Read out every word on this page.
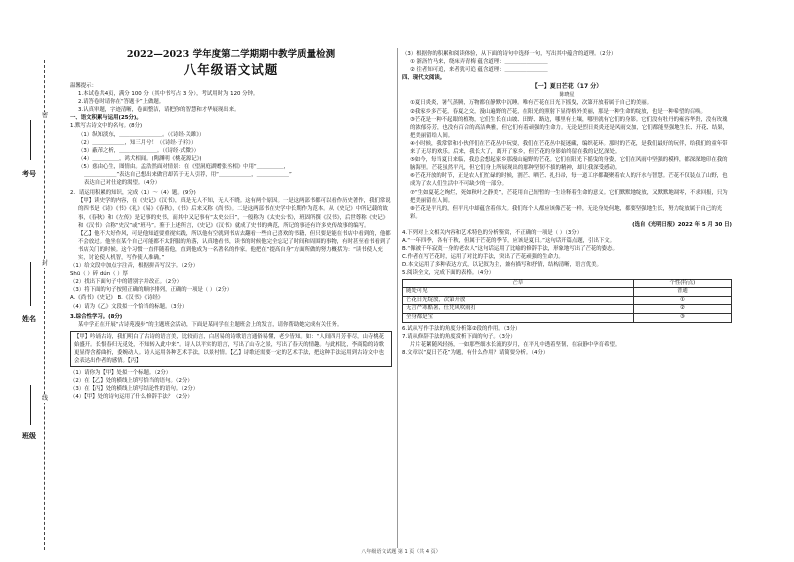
考号
姓名
班级
密
封
线
2022—2023 学年度第二学期期中教学质量检测
八年级语文试题
温馨提示：
1.本试卷共4页，满分 100 分（其中书写占 3 分），考试用时为 120 分钟。
2.请答卷时请你在“答题卡”上做题。
3.认真审题，字迹清晰，卷面整洁，请把你的智慧和才华展现出来。
一、语文积累与运用(25分)。
1.默写古诗文中的名句。(8分)
（1）纵知淡东，＿＿＿＿＿＿＿＿。（《诗经·关雎》）
（2）＿＿＿＿＿＿，知三月兮！（《诗经·子衿》）
（3）蔽芾之析，＿＿＿＿＿＿＿。（《诗经·式微》）
（4）＿＿＿＿＿，鸿犬相闻。(陶渊明《桃花源记》)
（5）慈由心生，图情由。孟浩然面对情景：在《望洞庭湖赠张丞相》中用“＿＿＿＿＿，
＿＿＿＿＿＿”表达自己想出来做官却苦于无人引荐，用“＿＿＿＿＿＿，＿＿＿＿＿＿”
表达自己对仕途的渴望。（4分）
2．请运用积累的知识，完成（1）～（4）题。(9分)
【甲】读史学的内容，在《史记》《汉书》，真是无人不知，无人不晓。这有两个原因。一是这两部书都可以看作历史著作，我们常说的四书是《诗》《书》《礼》《易》《春秋》，《书》后来又称《尚书》。二是这两部书在史学中长期作为范本。从《史记》中所记载的故事，《春秋》和《左传》是记事的史书，而其中又记事有“太史公曰”，一般称为《太史公书》，班固所撰《汉书》，后世尊称《史记》和《汉书》合称“史汉”或“班马”。鉴于上述所言，《史记》《汉书》就成了史书的典范，所记的事还有许多史传故事的编写。
【乙】他不大好作风，可是他知道要重视实践，所以他有空就到书店去翻看一些自己喜欢的书籍，但只要是能在书店中看到的，他都不会放过。他坐在某个自己可能都不太舒服的角落，认真地看书，读书的时候他完全忘记了时间和周围的事物，有时甚至看书看到了书店关门的时候。这个习惯一直伴随着他，直到他成为一名著名的作家。他把在“提高自身”方面所做的努力概括为：“读书使人充实，讨论使人机智，写作使人准确。”
（1）给文段中加点字注音，根据拼音写汉字。（2分）
Shū（ ）碎 dún（ ）厚
（2）找出下面句子中的错别字并改正。（2分）
（3）将下面的句子按照正确的顺序排列，正确的一项是（ ）（2分）
A.《尚书》《史记》 B.《汉书》《诗经》
（4）请为《乙》文段拟一个恰当的标题。（3分）
3.综合性学习。(8分)
某中学正在开展“古诗苑漫步”的主题班会活动，下面是某同学在主题班会上的发言，请你帮助她完成有关任务。
【甲】吟诵古诗，我们明白了古诗的语言美，比较而言，白居易的诗歌语言通俗易懂，老少皆知。如：“人间四月芳菲尽，山寺桃花始盛开。长恨春归无觅处，不知转入此中来”。诗人以平实的语言，写出了山寺之景，写出了春天的情趣。与此相比，李商隐的诗歌更显得含蓄曲折，委婉动人。诗人运用各种艺术手法，以景衬情。【乙】诗歌还需要一定的艺术手法，把这种手法运用到古诗文中也会表达出作者的感情。【丙】
（1）请你为【甲】处拟一个标题。（2分）
（2）在【乙】处的横线上填写恰当的语句。（2分）
（3）在【丙】处的横线上填写结论性的语句。（2分）
（4）【甲】处的诗句运用了什么修辞手法？（2分）
（3）根据你的积累和阅读体验，从下面的诗句中选择一句，写出其中蕴含的道理。（2分）
① 浙沥竹马来，绕床弄青梅 蕴含道理：＿＿＿＿＿＿＿＿
② 往者知可追，来者犹可追 蕴含道理：＿＿＿＿＿＿＿＿
四、现代文阅读。
【一】夏日芒花（17 分）
陈晓星
①夏日炎炎，暑气蒸腾，万物都在静默中沉睡。唯有芒花在日光下摇曳，次第开放着属于自己的美丽。
②我家乡多芒花，春夏之交，漫山遍野的芒花，在阳光的照射下显得格外美丽，那是一种生命的绽放，也是一种希望的召唤。
③芒花是一种不起眼的植物，它们生长在山坡、田野、路边，哪里有土壤，哪里就有它们的身影。它们没有牡丹的雍容华贵，没有玫瑰的浓郁芬芳，也没有百合的高洁典雅，但它们有着顽强的生命力。无论是烈日炎炎还是风雨交加，它们都能坚强地生长、开花、结果，把美丽留给人间。
④小时候，我常常和小伙伴们在芒花丛中玩耍，我们在芒花丛中捉迷藏，编织花环。那时的芒花，是我们最好的玩伴，给我们的童年带来了无尽的欢乐。后来，我长大了，离开了家乡，但芒花的身影始终留在我的记忆深处。
⑤如今，每当夏日来临，我总会想起家乡那漫山遍野的芒花。它们在阳光下摇曳的身姿，它们在风雨中坚强的模样，都深深地印在我的脑海里。芒花虽然平凡，但它们身上所展现出的那种坚韧不拔的精神，却让我深受感动。
⑥芒花开放的时节，正是农人们忙碌的时候，割芒、晒芒、扎扫帚，每一道工序都凝聚着农人的汗水与智慧。芒花不仅装点了山野，也成为了农人们生活中不可缺少的一部分。
⑦“生如夏花之绚烂，死如秋叶之静美”，芒花用自己短暂的一生诠释着生命的意义。它们默默地绽放，又默默地凋零，不求回报，只为把美丽留在人间。
⑧芒花是平凡的，但平凡中却蕴含着伟大。我们每个人都应该像芒花一样，无论身处何地，都要坚强地生长，努力绽放属于自己的光彩。
(选自《光明日报》2022 年 5 月 30 日)
4.下列对上文相关内容和艺术特色的分析鉴赏，不正确的一项是（ ）（3分）
A.“一年四季，各有千秋，但属于芒花的季节，应该是夏日。”这句话开篇点题，引出下文。
B.“像被千年寂寞一身的老农人”这句话运用了比喻的修辞手法，形象地写出了芒花的姿态。
C.作者在写芒花时，运用了对比的手法，突出了芒花顽强的生命力。
D.本文运用了多种表达方式，以记叙为主，兼有描写和抒情，结构清晰，语言优美。
5.阅读全文，完成下面的表格。（4分）
芒草	个性(特点)
随处可见	普通
芒花日光绽放，次第开放	①
无言严寒酷暑，任凭风吹雨打	②
全身都是宝	③
6.试从写作手法的角度分析第②段的作用。（3分）
7.请从修辞手法的角度赏析下面的句子。（3分）
片片花絮随风轻扬，一如那些细水长流的岁月，在平凡中透着坚韧，在寂静中孕育希望。
8.文章以“夏日芒花”为题，有什么作用？请简要分析。（4分）
八年级语文试题 第 1 页（共 4 页）
